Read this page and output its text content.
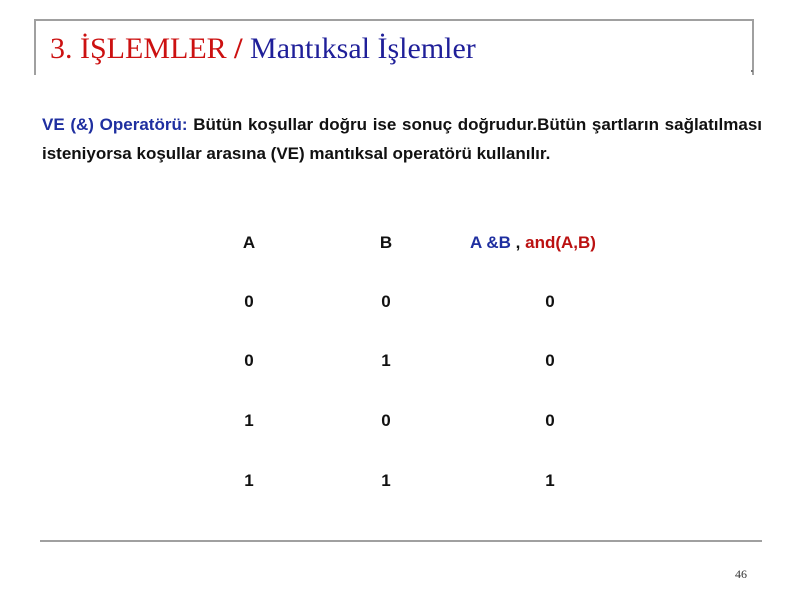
3. İŞLEMLER / Mantıksal İşlemler

VE (&) Operatörü: Bütün koşullar doğru ise sonuç doğrudur.Bütün şartların sağlatılması isteniyorsa koşullar arasına (VE) mantıksal operatörü kullanılır.

A	B	A &B , and(A,B)
0	0	0
0	1	0
1	0	0
1	1	1
46
